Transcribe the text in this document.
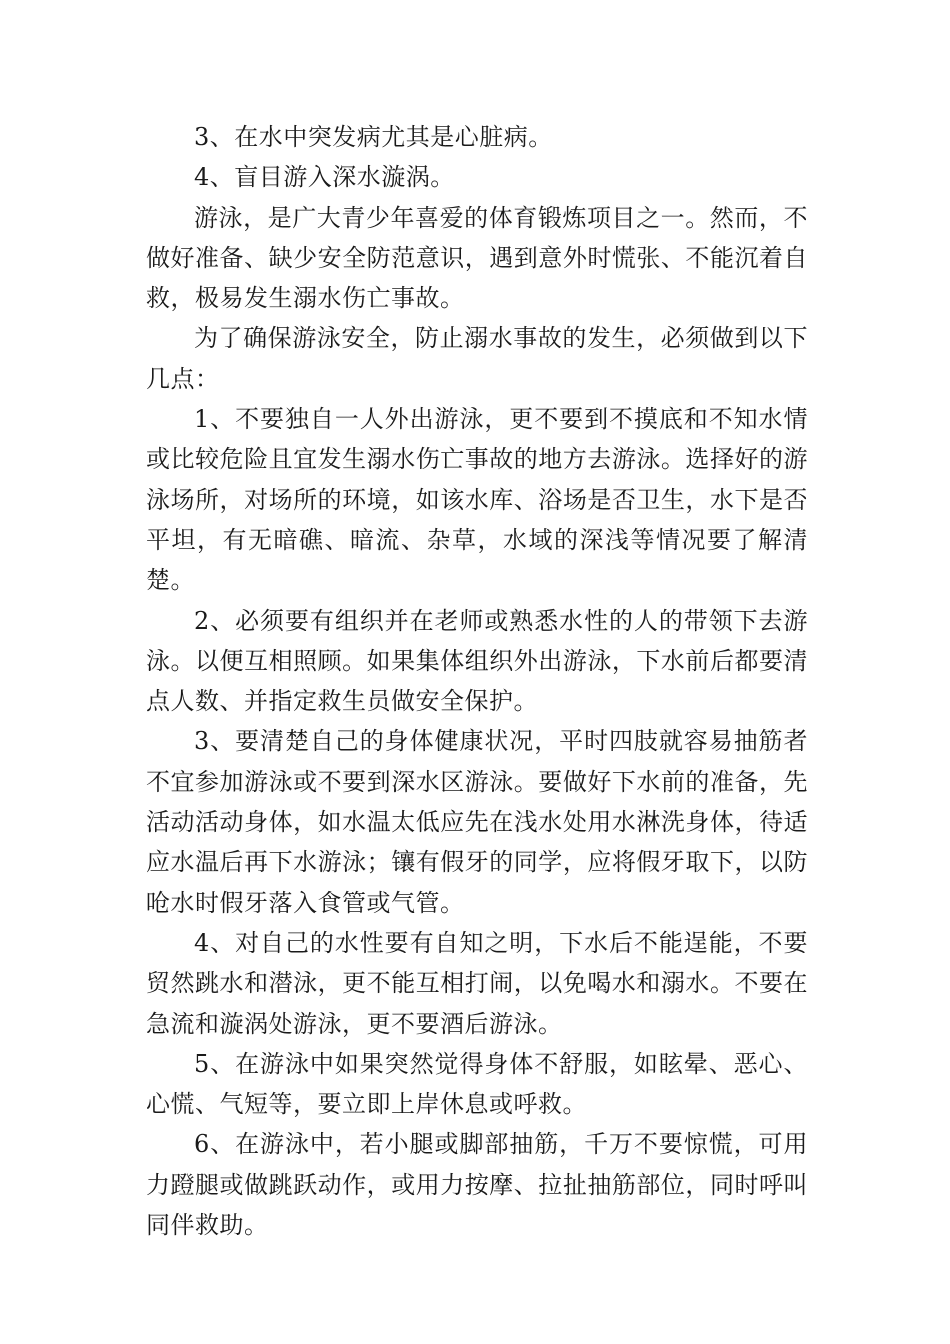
3、在水中突发病尤其是心脏病。

4、盲目游入深水漩涡。

游泳，是广大青少年喜爱的体育锻炼项目之一。然而，不做好准备、缺少安全防范意识，遇到意外时慌张、不能沉着自救，极易发生溺水伤亡事故。

为了确保游泳安全，防止溺水事故的发生，必须做到以下几点：

1、不要独自一人外出游泳，更不要到不摸底和不知水情或比较危险且宜发生溺水伤亡事故的地方去游泳。选择好的游泳场所，对场所的环境，如该水库、浴场是否卫生，水下是否平坦，有无暗礁、暗流、杂草，水域的深浅等情况要了解清楚。

2、必须要有组织并在老师或熟悉水性的人的带领下去游泳。以便互相照顾。如果集体组织外出游泳，下水前后都要清点人数、并指定救生员做安全保护。

3、要清楚自己的身体健康状况，平时四肢就容易抽筋者不宜参加游泳或不要到深水区游泳。要做好下水前的准备，先活动活动身体，如水温太低应先在浅水处用水淋洗身体，待适应水温后再下水游泳；镶有假牙的同学，应将假牙取下，以防呛水时假牙落入食管或气管。

4、对自己的水性要有自知之明，下水后不能逞能，不要贸然跳水和潜泳，更不能互相打闹，以免喝水和溺水。不要在急流和漩涡处游泳，更不要酒后游泳。

5、在游泳中如果突然觉得身体不舒服，如眩晕、恶心、心慌、气短等，要立即上岸休息或呼救。

6、在游泳中，若小腿或脚部抽筋，千万不要惊慌，可用力蹬腿或做跳跃动作，或用力按摩、拉扯抽筋部位，同时呼叫同伴救助。
